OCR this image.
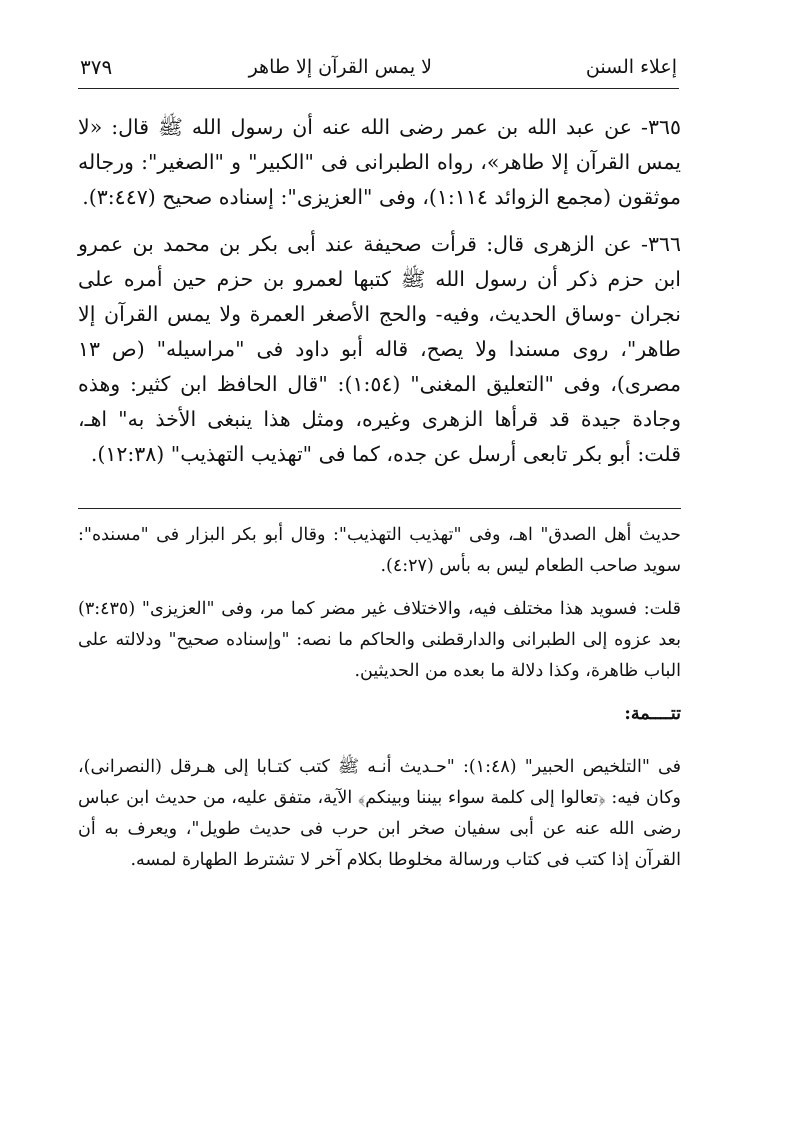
إعلاء السنن
لا يمس القرآن إلا طاهر
٣٧٩

٣٦٥- عن عبد الله بن عمر رضى الله عنه أن رسول الله ﷺ قال: «لا يمس القرآن إلا طاهر»، رواه الطبرانى فى "الكبير" و "الصغير": ورجاله موثقون (مجمع الزوائد ١:١١٤)، وفى "العزيزى": إسناده صحيح (٣:٤٤٧).

٣٦٦- عن الزهرى قال: قرأت صحيفة عند أبى بكر بن محمد بن عمرو ابن حزم ذكر أن رسول الله ﷺ كتبها لعمرو بن حزم حين أمره على نجران -وساق الحديث، وفيه- والحج الأصغر العمرة ولا يمس القرآن إلا طاهر"، روى مسندا ولا يصح، قاله أبو داود فى "مراسيله" (ص ١٣ مصرى)، وفى "التعليق المغنى" (١:٥٤): "قال الحافظ ابن كثير: وهذه وجادة جيدة قد قرأها الزهرى وغيره، ومثل هذا ينبغى الأخذ به" اهـ، قلت: أبو بكر تابعى أرسل عن جده، كما فى "تهذيب التهذيب" (١٢:٣٨).

حديث أهل الصدق" اهـ، وفى "تهذيب التهذيب": وقال أبو بكر البزار فى "مسنده": سويد صاحب الطعام ليس به بأس (٤:٢٧).

قلت: فسويد هذا مختلف فيه، والاختلاف غير مضر كما مر، وفى "العزيزى" (٣:٤٣٥) بعد عزوه إلى الطبرانى والدارقطنى والحاكم ما نصه: "وإسناده صحيح" ودلالته على الباب ظاهرة، وكذا دلالة ما بعده من الحديثين.

تتــــمة:

فى "التلخيص الحبير" (١:٤٨): "حـديث أنـه ﷺ كتب كتـابا إلى هـرقل (النصرانى)، وكان فيه: ﴿تعالوا إلى كلمة سواء بيننا وبينكم﴾ الآية، متفق عليه، من حديث ابن عباس رضى الله عنه عن أبى سفيان صخر ابن حرب فى حديث طويل"، ويعرف به أن القرآن إذا كتب فى كتاب ورسالة مخلوطا بكلام آخر لا تشترط الطهارة لمسه.
